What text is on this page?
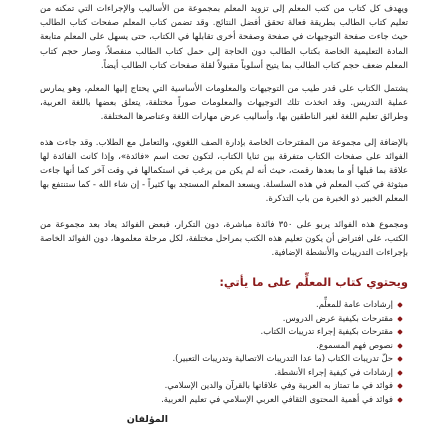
ويهدف كل كتاب من كتب المعلم إلى تزويد المعلم بمجموعة من الأساليب والإجراءات التي تمكنه من تعليم كتاب الطالب بطريقة فعالة تحقق أفضل النتائج. وقد تضمن كتاب المعلم صفحات كتاب الطالب حيث جاءت صفحة التوجيهات في صفحة وصفحة أخرى تقابلها في الكتاب، حتى يسهل على المعلم متابعة المادة التعليمية الخاصة بكتاب الطالب دون الحاجة إلى حمل كتاب الطالب منفصلاً، وصار حجم كتاب المعلم ضعف حجم كتاب الطالب بما يتيح أسلوباً مقبولاً لقلة صفحات كتاب الطالب أيضاً.

يشتمل الكتاب على قدر طيب من التوجيهات والمعلومات الأساسية التي يحتاج إليها المعلم، وهو يمارس عملية التدريس. وقد اتخذت تلك التوجيهات والمعلومات صوراً مختلفة، يتعلق بعضها باللغة العربية، وطرائق تعليم اللغة لغير الناطقين بها، وأساليب عرض مهارات اللغة وعناصرها المختلفة.

بالإضافة إلى مجموعة من المقترحات الخاصة بإدارة الصف اللغوي، والتعامل مع الطلاب. وقد جاءت هذه الفوائد على صفحات الكتاب متفرقة بين ثنايا الكتاب، لتكون تحت اسم «فائدة»، وإذا كانت الفائدة لها علاقة بما قبلها أو ما بعدها رقمت، حيث أنه لم يكن من يرغب في استكمالها في وقت آخر كما أنها جاءت مبثوثة في كتب المعلم في هذه السلسلة. ويسعد المعلم المستجد بها كثيراً - إن شاء الله - كما ستنتفع بها المعلم الخبير ذو الخبرة من باب التذكرة.

ومجموع هذه الفوائد يربو على ٣٥٠ فائدة مباشرة، دون التكرار، فبعض الفوائد يعاد بعد مجموعة من الكتب، على افتراض أن يكون تعليم هذه الكتب بمراحل مختلفة، لكل مرحلة معلموها، دون الفوائد الخاصة بإجراءات التدريبات والأنشطة الإضافية.

ويحتوي كتاب المعلِّم على ما يأتي:
إرشادات عامة للمعلِّم.
مقترحات بكيفية عرض الدروس.
مقترحات بكيفية إجراء تدريبات الكتاب.
نصوص فهم المسموع.
حلّ تدريبات الكتاب (ما عدا التدريبات الاتصالية وتدريبات التعبير).
إرشادات في كيفية إجراء الأنشطة.
فوائد في ما تمتاز به العربية وفي علاقاتها بالقرآن والدين الإسلامي.
فوائد في أهمية المحتوى الثقافي العربي الإسلامي في تعليم العربية.
المؤلفان
